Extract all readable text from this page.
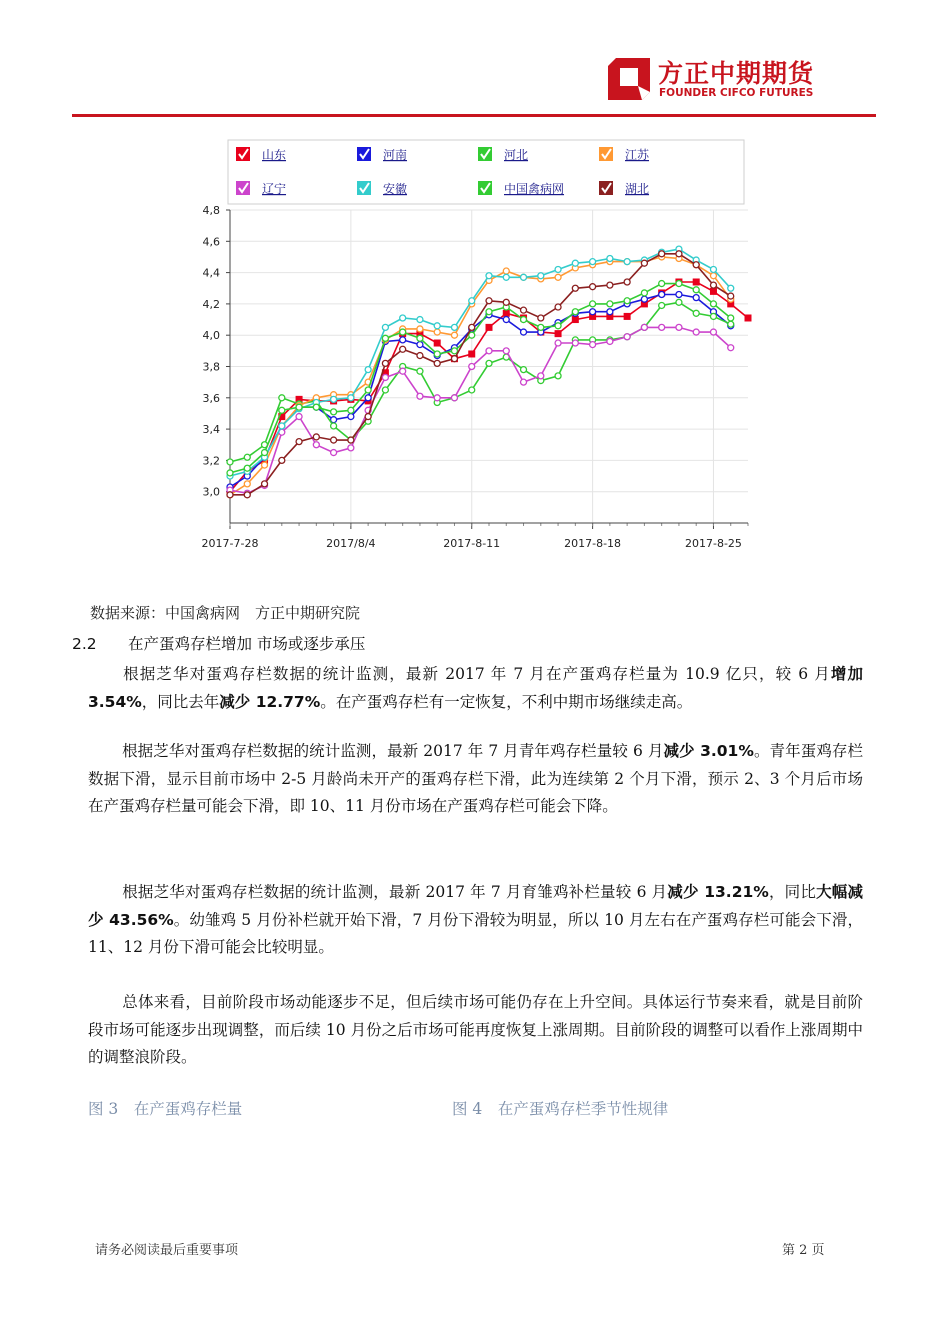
方正中期期货
FOUNDER CIFCO FUTURES
山东	河南	河北	江苏
辽宁	安徽	中国禽病网	湖北
3,0
3,2
3,4
3,6
3,8
4,0
4,2
4,4
4,6
4,8
2017-7-28	2017/8/4	2017-8-11	2017-8-18	2017-8-25
数据来源：中国禽病网　方正中期研究院
2.2 在产蛋鸡存栏增加 市场或逐步承压
根据芝华对蛋鸡存栏数据的统计监测，最新 2017 年 7 月在产蛋鸡存栏量为 10.9 亿只，较 6 月增加 3.54%，同比去年减少 12.77%。在产蛋鸡存栏有一定恢复，不利中期市场继续走高。
根据芝华对蛋鸡存栏数据的统计监测，最新 2017 年 7 月青年鸡存栏量较 6 月减少 3.01%。青年蛋鸡存栏数据下滑，显示目前市场中 2-5 月龄尚未开产的蛋鸡存栏下滑，此为连续第 2 个月下滑，预示 2、3 个月后市场在产蛋鸡存栏量可能会下滑，即 10、11 月份市场在产蛋鸡存栏可能会下降。
根据芝华对蛋鸡存栏数据的统计监测，最新 2017 年 7 月育雏鸡补栏量较 6 月减少 13.21%，同比大幅减少 43.56%。幼雏鸡 5 月份补栏就开始下滑，7 月份下滑较为明显，所以 10 月左右在产蛋鸡存栏可能会下滑，11、12 月份下滑可能会比较明显。
总体来看，目前阶段市场动能逐步不足，但后续市场可能仍存在上升空间。具体运行节奏来看，就是目前阶段市场可能逐步出现调整，而后续 10 月份之后市场可能再度恢复上涨周期。目前阶段的调整可以看作上涨周期中的调整浪阶段。
图 3　在产蛋鸡存栏量	图 4　在产蛋鸡存栏季节性规律
请务必阅读最后重要事项	第 2 页
